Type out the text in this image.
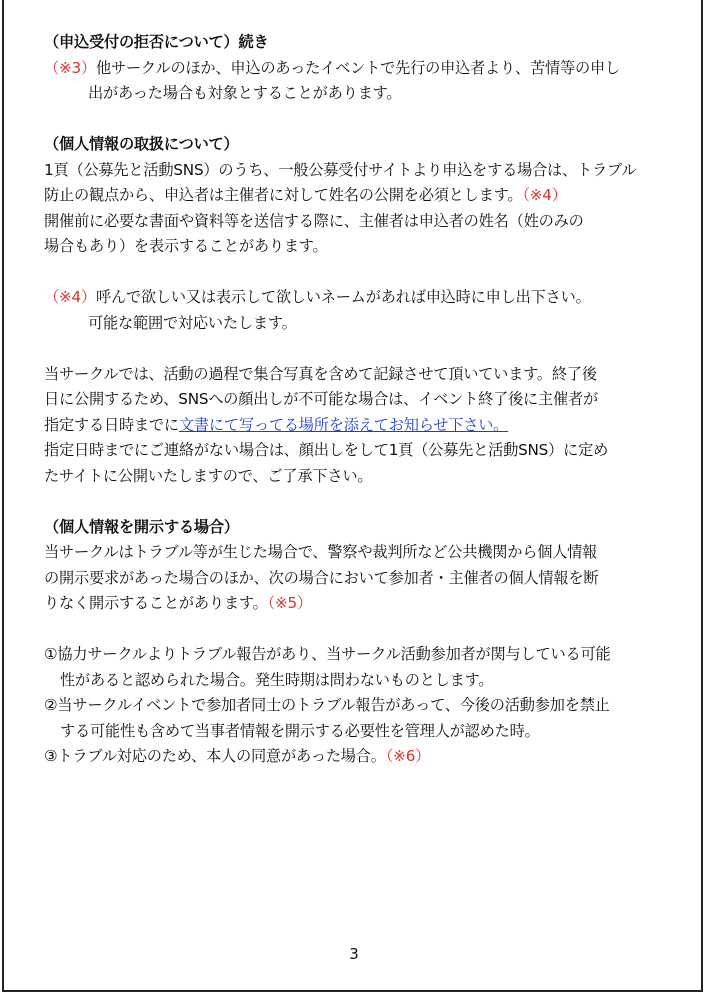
（申込受付の拒否について）続き
（※3）他サークルのほか、申込のあったイベントで先行の申込者より、苦情等の申し
出があった場合も対象とすることがあります。
（個人情報の取扱について）
1頁（公募先と活動SNS）のうち、一般公募受付サイトより申込をする場合は、トラブル
防止の観点から、申込者は主催者に対して姓名の公開を必須とします。（※4）
開催前に必要な書面や資料等を送信する際に、主催者は申込者の姓名（姓のみの
場合もあり）を表示することがあります。
（※4）呼んで欲しい又は表示して欲しいネームがあれば申込時に申し出下さい。
可能な範囲で対応いたします。
当サークルでは、活動の過程で集合写真を含めて記録させて頂いています。終了後
日に公開するため、SNSへの顔出しが不可能な場合は、イベント終了後に主催者が
指定する日時までに文書にて写ってる場所を添えてお知らせ下さい。
指定日時までにご連絡がない場合は、顔出しをして1頁（公募先と活動SNS）に定め
たサイトに公開いたしますので、ご了承下さい。
（個人情報を開示する場合）
当サークルはトラブル等が生じた場合で、警察や裁判所など公共機関から個人情報
の開示要求があった場合のほか、次の場合において参加者・主催者の個人情報を断
りなく開示することがあります。（※5）
①協力サークルよりトラブル報告があり、当サークル活動参加者が関与している可能
性があると認められた場合。発生時期は問わないものとします。
②当サークルイベントで参加者同士のトラブル報告があって、今後の活動参加を禁止
する可能性も含めて当事者情報を開示する必要性を管理人が認めた時。
③トラブル対応のため、本人の同意があった場合。（※6）
3
